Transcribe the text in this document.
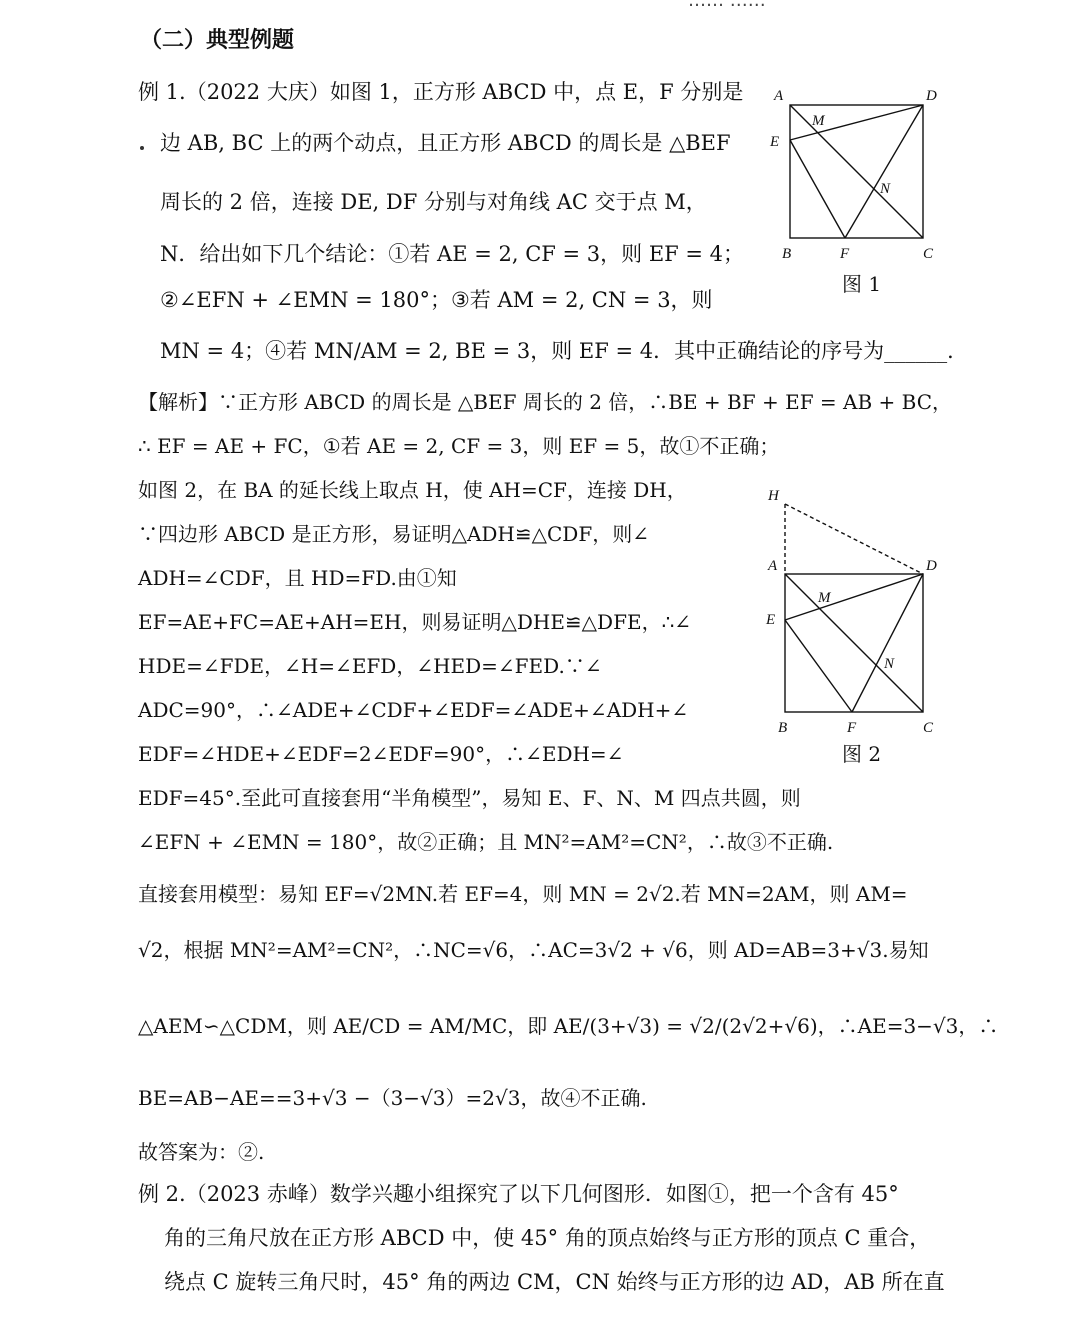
…… ……
（二）典型例题
例 1.（2022 大庆）如图 1，正方形 ABCD 中，点 E，F 分别是
边 AB, BC 上的两个动点，且正方形 ABCD 的周长是 △BEF
周长的 2 倍，连接 DE, DF 分别与对角线 AC 交于点 M，
N．给出如下几个结论：①若 AE = 2, CF = 3，则 EF = 4；
②∠EFN + ∠EMN = 180°；③若 AM = 2, CN = 3，则
MN = 4；④若 MN/AM = 2, BE = 3，则 EF = 4．其中正确结论的序号为______．
【解析】∵正方形 ABCD 的周长是 △BEF 周长的 2 倍，∴BE + BF + EF = AB + BC，
∴ EF = AE + FC，①若 AE = 2, CF = 3，则 EF = 5，故①不正确；
如图 2，在 BA 的延长线上取点 H，使 AH=CF，连接 DH，
∵四边形 ABCD 是正方形，易证明△ADH≌△CDF，则∠
ADH=∠CDF，且 HD=FD.由①知
EF=AE+FC=AE+AH=EH，则易证明△DHE≌△DFE，∴∠
HDE=∠FDE，∠H=∠EFD，∠HED=∠FED.∵∠
ADC=90°，∴∠ADE+∠CDF+∠EDF=∠ADE+∠ADH+∠
EDF=∠HDE+∠EDF=2∠EDF=90°，∴∠EDH=∠
EDF=45°.至此可直接套用“半角模型”，易知 E、F、N、M 四点共圆，则
∠EFN + ∠EMN = 180°，故②正确；且 MN²=AM²=CN²，∴故③不正确.
直接套用模型：易知 EF=√2MN.若 EF=4，则 MN = 2√2.若 MN=2AM，则 AM=
√2，根据 MN²=AM²=CN²，∴NC=√6，∴AC=3√2 + √6，则 AD=AB=3+√3.易知
△AEM∽△CDM，则 AE/CD = AM/MC，即 AE/(3+√3) = √2/(2√2+√6)，∴AE=3−√3，∴
BE=AB−AE==3+√3 −（3−√3）=2√3，故④不正确.
故答案为：②.
例 2.（2023 赤峰）数学兴趣小组探究了以下几何图形．如图①，把一个含有 45°
角的三角尺放在正方形 ABCD 中，使 45° 角的顶点始终与正方形的顶点 C 重合，
绕点 C 旋转三角尺时，45° 角的两边 CM，CN 始终与正方形的边 AD，AB 所在直
A	D
E
M
N
B	F	C
图 1
H
A	D
E
M
N
B	F	C
图 2
